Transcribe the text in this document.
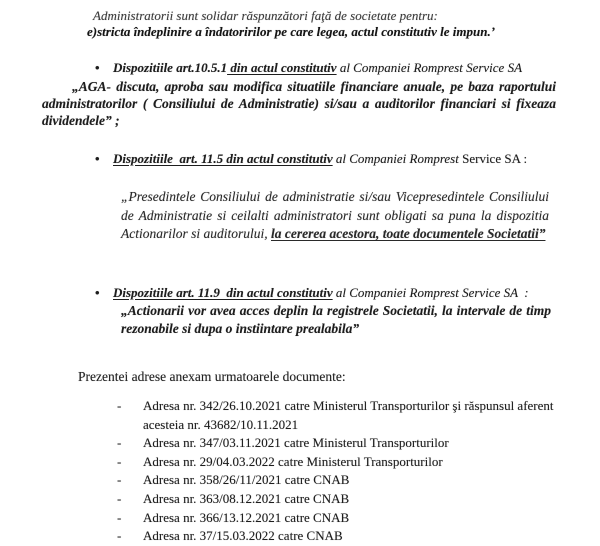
Administratorii sunt solidar răspunzători faţă de societate pentru:
e)stricta îndeplinire a îndatoririlor pe care legea, actul constitutiv le impun.’
•	Dispozitiile art.10.5.1 din actul constitutiv al Companiei Romprest Service SA
„AGA- discuta, aproba sau modifica situatiile financiare anuale, pe baza raportului administratorilor ( Consiliului de Administratie) si/sau a auditorilor financiari si fixeaza dividendele” ;
•	Dispozitiile  art. 11.5 din actul constitutiv al Companiei Romprest Service SA :
„Presedintele Consiliului de administratie si/sau Vicepresedintele Consiliului de Administratie si ceilalti administratori sunt obligati sa puna la dispozitia Actionarilor si auditorului, la cererea acestora, toate documentele Societatii”
•	Dispozitiile art. 11.9  din actul constitutiv al Companiei Romprest Service SA  :
„Actionarii vor avea acces deplin la registrele Societatii, la intervale de timp rezonabile si dupa o instiintare prealabila”
Prezentei adrese anexam urmatoarele documente:
-	Adresa nr. 342/26.10.2021 catre Ministerul Transporturilor şi răspunsul aferent acesteia nr. 43682/10.11.2021
-	Adresa nr. 347/03.11.2021 catre Ministerul Transporturilor
-	Adresa nr. 29/04.03.2022 catre Ministerul Transporturilor
-	Adresa nr. 358/26/11/2021 catre CNAB
-	Adresa nr. 363/08.12.2021 catre CNAB
-	Adresa nr. 366/13.12.2021 catre CNAB
-	Adresa nr. 37/15.03.2022 catre CNAB
